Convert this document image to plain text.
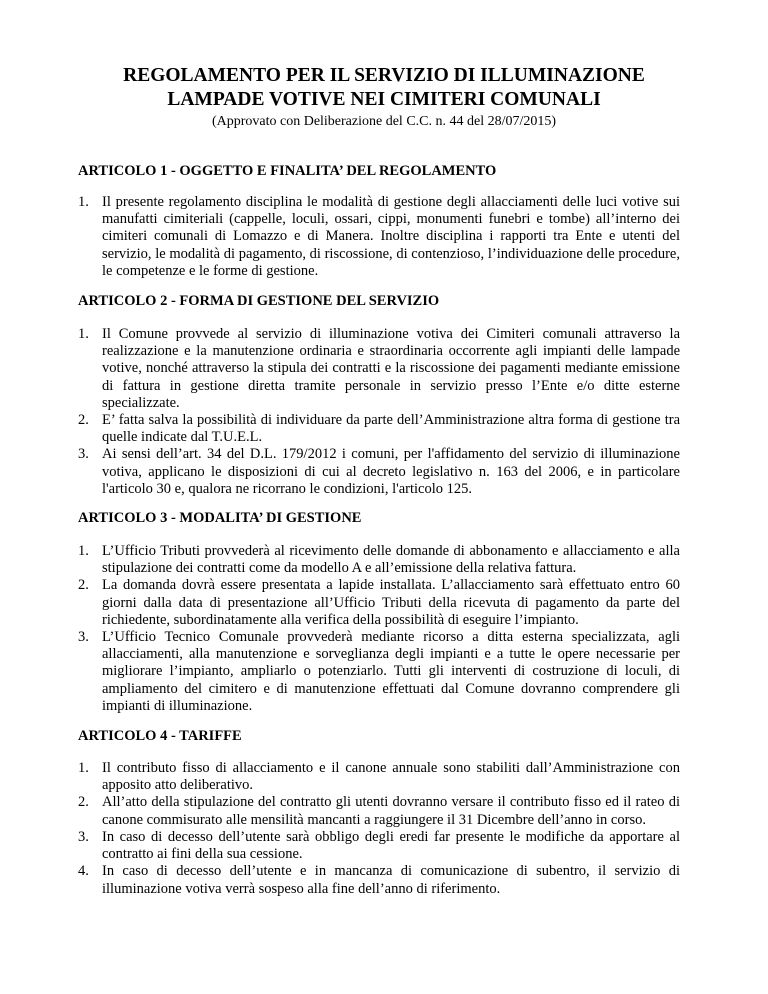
REGOLAMENTO PER IL SERVIZIO DI ILLUMINAZIONE
LAMPADE VOTIVE NEI CIMITERI COMUNALI

(Approvato con Deliberazione del C.C. n. 44 del 28/07/2015)

ARTICOLO 1 - OGGETTO E FINALITA’ DEL REGOLAMENTO
1. Il presente regolamento disciplina le modalità di gestione degli allacciamenti delle luci votive sui manufatti cimiteriali (cappelle, loculi, ossari, cippi, monumenti funebri e tombe) all’interno dei cimiteri comunali di Lomazzo e di Manera. Inoltre disciplina i rapporti tra Ente e utenti del servizio, le modalità di pagamento, di riscossione, di contenzioso, l’individuazione delle procedure, le competenze e le forme di gestione.
ARTICOLO 2 - FORMA DI GESTIONE DEL SERVIZIO
1. Il Comune provvede al servizio di illuminazione votiva dei Cimiteri comunali attraverso la realizzazione e la manutenzione ordinaria e straordinaria occorrente agli impianti delle lampade votive, nonché attraverso la stipula dei contratti e la riscossione dei pagamenti mediante emissione di fattura in gestione diretta tramite personale in servizio presso l’Ente e/o ditte esterne specializzate.
2. E’ fatta salva la possibilità di individuare da parte dell’Amministrazione altra forma di gestione tra quelle indicate dal T.U.E.L.
3. Ai sensi dell’art. 34 del D.L. 179/2012 i comuni, per l'affidamento del servizio di illuminazione votiva, applicano le disposizioni di cui al decreto legislativo n. 163 del 2006, e in particolare l'articolo 30 e, qualora ne ricorrano le condizioni, l'articolo 125.
ARTICOLO 3 - MODALITA’ DI GESTIONE
1. L’Ufficio Tributi provvederà al ricevimento delle domande di abbonamento e allacciamento e alla stipulazione dei contratti come da modello A e all’emissione della relativa fattura.
2. La domanda dovrà essere presentata a lapide installata. L’allacciamento sarà effettuato entro 60 giorni dalla data di presentazione all’Ufficio Tributi della ricevuta di pagamento da parte del richiedente, subordinatamente alla verifica della possibilità di eseguire l’impianto.
3. L’Ufficio Tecnico Comunale provvederà mediante ricorso a ditta esterna specializzata, agli allacciamenti, alla manutenzione e sorveglianza degli impianti e a tutte le opere necessarie per migliorare l’impianto, ampliarlo o potenziarlo. Tutti gli interventi di costruzione di loculi, di ampliamento del cimitero e di manutenzione effettuati dal Comune dovranno comprendere gli impianti di illuminazione.
ARTICOLO 4 - TARIFFE
1. Il contributo fisso di allacciamento e il canone annuale sono stabiliti dall’Amministrazione con apposito atto deliberativo.
2. All’atto della stipulazione del contratto gli utenti dovranno versare il contributo fisso ed il rateo di canone commisurato alle mensilità mancanti a raggiungere il 31 Dicembre dell’anno in corso.
3. In caso di decesso dell’utente sarà obbligo degli eredi far presente le modifiche da apportare al contratto ai fini della sua cessione.
4. In caso di decesso dell’utente e in mancanza di comunicazione di subentro, il servizio di illuminazione votiva verrà sospeso alla fine dell’anno di riferimento.
